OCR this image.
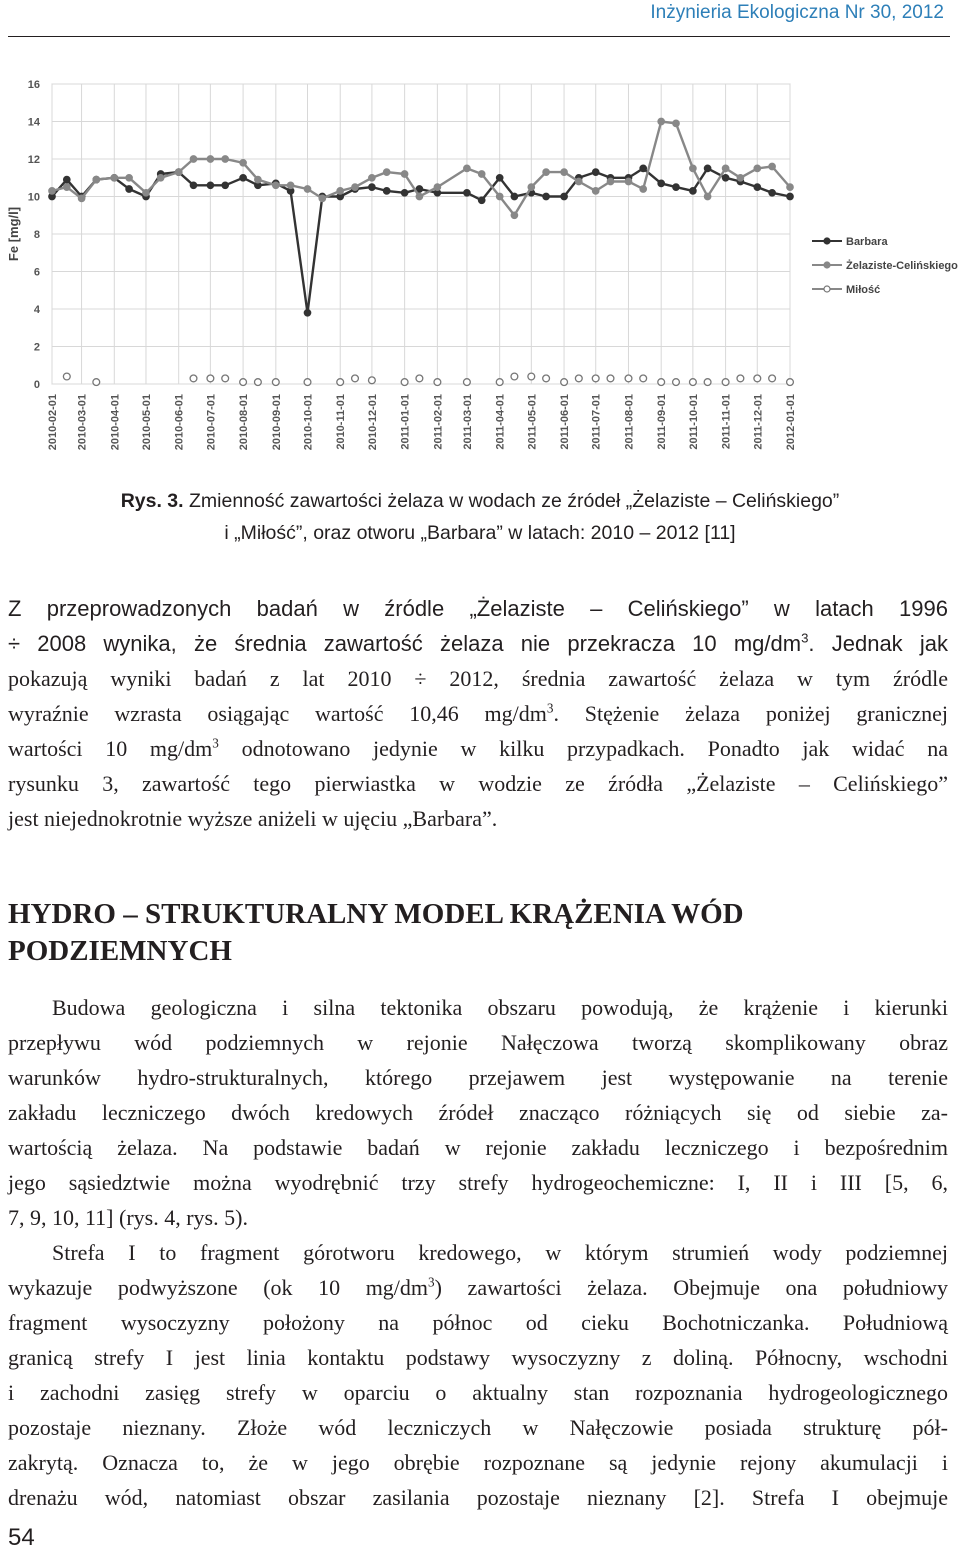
Inżynieria Ekologiczna Nr 30, 2012
0
2
4
6
8
10
12
14
16
2010-02-01 2010-03-01 2010-04-01 2010-05-01 2010-06-01 2010-07-01 2010-08-01 2010-09-01 2010-10-01 2010-11-01 2010-12-01 2011-01-01 2011-02-01 2011-03-01 2011-04-01 2011-05-01 2011-06-01 2011-07-01 2011-08-01 2011-09-01 2011-10-01 2011-11-01 2011-12-01 2012-01-01
Fe [mg/l]	Barbara
Żelaziste-Celińskiego
Miłość
Rys. 3. Zmienność zawartości żelaza w wodach ze źródeł „Żelaziste – Celińskiego”
i „Miłość”, oraz otworu „Barbara” w latach: 2010 – 2012 [11]
Z przeprowadzonych badań w źródle „Żelaziste – Celińskiego” w latach 1996
÷ 2008 wynika, że średnia zawartość żelaza nie przekracza 10 $mg/dm^3$. Jednak jak
pokazują wyniki badań z lat 2010 ÷ 2012, średnia zawartość żelaza w tym źródle
wyraźnie wzrasta osiągając wartość 10,46 $mg/dm^3$. Stężenie żelaza poniżej granicznej
wartości 10 $mg/dm^3$ odnotowano jedynie w kilku przypadkach. Ponadto jak widać na
rysunku 3, zawartość tego pierwiastka w wodzie ze źródła „Żelaziste – Celińskiego”
jest niejednokrotnie wyższe aniżeli w ujęciu „Barbara”.
HYDRO – STRUKTURALNY MODEL KRĄŻENIA WÓD
PODZIEMNYCH
Budowa geologiczna i silna tektonika obszaru powodują, że krążenie i kierunki
przepływu wód podziemnych w rejonie Nałęczowa tworzą skomplikowany obraz
warunków hydro-strukturalnych, którego przejawem jest występowanie na terenie
zakładu leczniczego dwóch kredowych źródeł znacząco różniących się od siebie za-
wartością żelaza. Na podstawie badań w rejonie zakładu leczniczego i bezpośrednim
jego sąsiedztwie można wyodrębnić trzy strefy hydrogeochemiczne: I, II i III [5, 6,
7, 9, 10, 11] (rys. 4, rys. 5).
Strefa I to fragment górotworu kredowego, w którym strumień wody podziemnej
wykazuje podwyższone (ok 10 $mg/dm^3$) zawartości żelaza. Obejmuje ona południowy
fragment wysoczyzny położony na północ od cieku Bochotniczanka. Południową
granicą strefy I jest linia kontaktu podstawy wysoczyzny z doliną. Północny, wschodni
i zachodni zasięg strefy w oparciu o aktualny stan rozpoznania hydrogeologicznego
pozostaje nieznany. Złoże wód leczniczych w Nałęczowie posiada strukturę pół-
zakrytą. Oznacza to, że w jego obrębie rozpoznane są jedynie rejony akumulacji i
drenażu wód, natomiast obszar zasilania pozostaje nieznany [2]. Strefa I obejmuje
54
